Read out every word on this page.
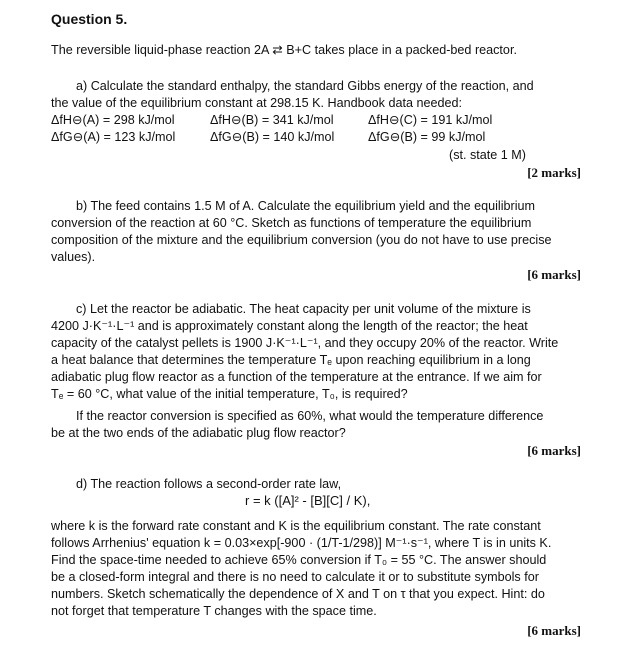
Question 5.
The reversible liquid-phase reaction 2A ⇄ B+C takes place in a packed-bed reactor.
a) Calculate the standard enthalpy, the standard Gibbs energy of the reaction, and
the value of the equilibrium constant at 298.15 K. Handbook data needed:
ΔfH⊖(A) = 298 kJ/mol	ΔfH⊖(B) = 341 kJ/mol	ΔfH⊖(C) = 191 kJ/mol
ΔfG⊖(A) = 123 kJ/mol	ΔfG⊖(B) = 140 kJ/mol	ΔfG⊖(B) = 99 kJ/mol
(st. state 1 M)
[2 marks]
b) The feed contains 1.5 M of A. Calculate the equilibrium yield and the equilibrium
conversion of the reaction at 60 °C. Sketch as functions of temperature the equilibrium
composition of the mixture and the equilibrium conversion (you do not have to use precise
values).
[6 marks]
c) Let the reactor be adiabatic. The heat capacity per unit volume of the mixture is
4200 J·K⁻¹·L⁻¹ and is approximately constant along the length of the reactor; the heat
capacity of the catalyst pellets is 1900 J·K⁻¹·L⁻¹, and they occupy 20% of the reactor. Write
a heat balance that determines the temperature Tₑ upon reaching equilibrium in a long
adiabatic plug flow reactor as a function of the temperature at the entrance. If we aim for
Tₑ = 60 °C, what value of the initial temperature, T₀, is required?
If the reactor conversion is specified as 60%, what would the temperature difference
be at the two ends of the adiabatic plug flow reactor?
[6 marks]
d) The reaction follows a second-order rate law,
r = k ([A]² - [B][C] / K),
where k is the forward rate constant and K is the equilibrium constant. The rate constant
follows Arrhenius' equation k = 0.03×exp[-900 · (1/T-1/298)] M⁻¹·s⁻¹, where T is in units K.
Find the space-time needed to achieve 65% conversion if T₀ = 55 °C. The answer should
be a closed-form integral and there is no need to calculate it or to substitute symbols for
numbers. Sketch schematically the dependence of X and T on τ that you expect. Hint: do
not forget that temperature T changes with the space time.
[6 marks]
